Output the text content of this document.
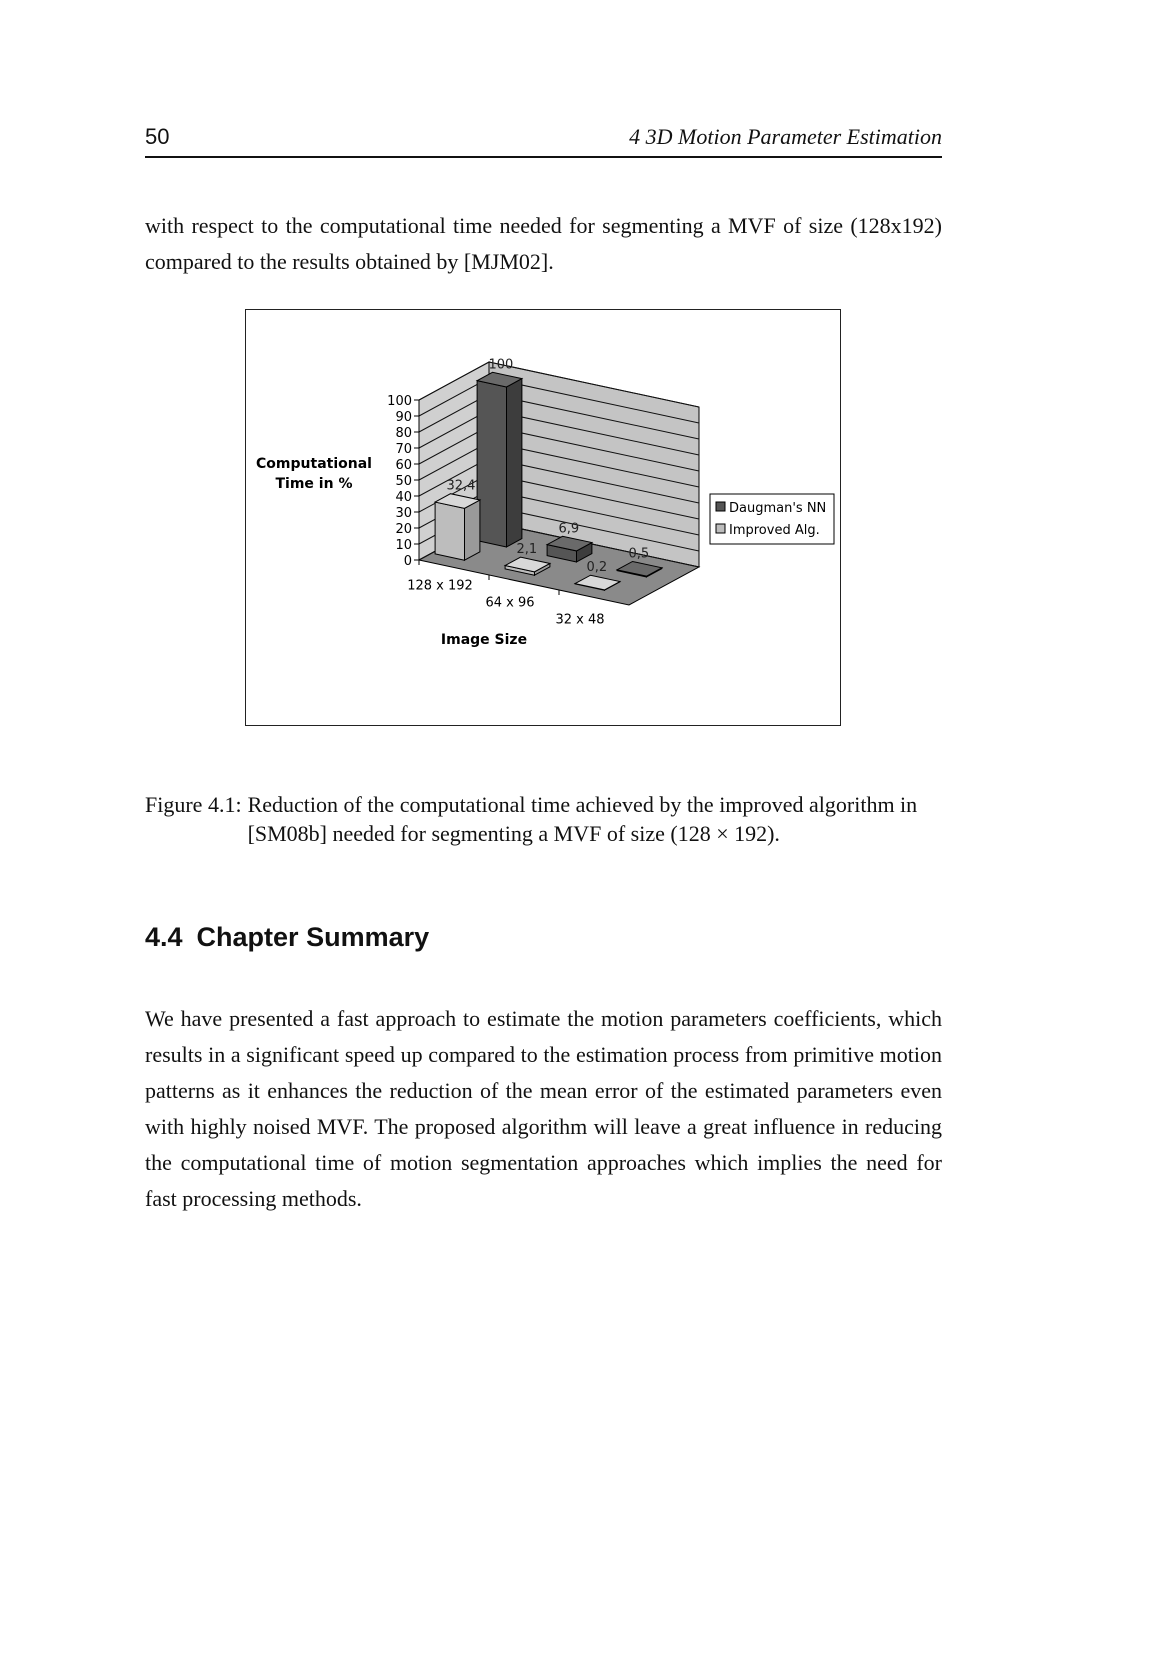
50	4 3D Motion Parameter Estimation
with respect to the computational time needed for segmenting a MVF of size (128x192) compared to the results obtained by [MJM02].
0
10
20
30
40
50
60
70
80
90
100
100
6,9
0,5
32,4
2,1
0,2
128 x 192
64 x 96
32 x 48
Image Size
Computational
Time in %
Daugman's NN
Improved Alg.
Figure 4.1: Reduction of the computational time achieved by the improved algorithm in [SM08b] needed for segmenting a MVF of size (128 × 192).
4.4 Chapter Summary
We have presented a fast approach to estimate the motion parameters coefficients, which results in a significant speed up compared to the estimation process from primitive motion patterns as it enhances the reduction of the mean error of the estimated parameters even with highly noised MVF. The proposed algorithm will leave a great influence in reducing the computational time of motion segmentation approaches which implies the need for fast processing methods.
